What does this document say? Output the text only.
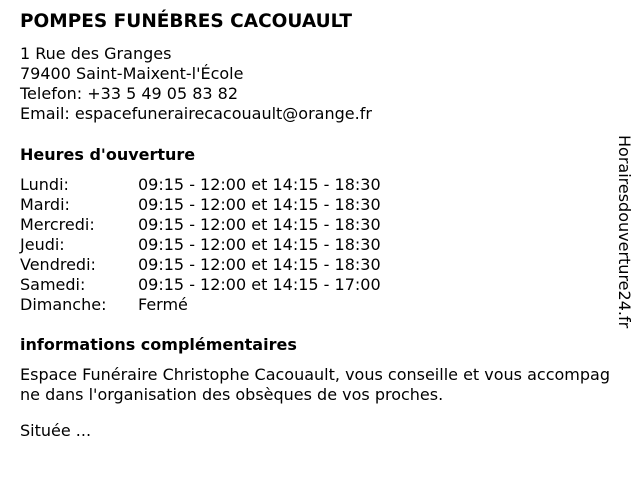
POMPES FUNÉBRES CACOUAULT
1 Rue des Granges
79400 Saint-Maixent-l'École
Telefon: +33 5 49 05 83 82
Email: espacefunerairecacouault@orange.fr
Heures d'ouverture
Lundi:	09:15 - 12:00 et 14:15 - 18:30
Mardi:	09:15 - 12:00 et 14:15 - 18:30
Mercredi:	09:15 - 12:00 et 14:15 - 18:30
Jeudi:	09:15 - 12:00 et 14:15 - 18:30
Vendredi:	09:15 - 12:00 et 14:15 - 18:30
Samedi:	09:15 - 12:00 et 14:15 - 17:00
Dimanche: Fermé
informations complémentaires
Espace Funéraire Christophe Cacouault, vous conseille et vous accompagne dans l'organisation des obsèques de vos proches.
Située ...
Horairesdouverture24.fr
